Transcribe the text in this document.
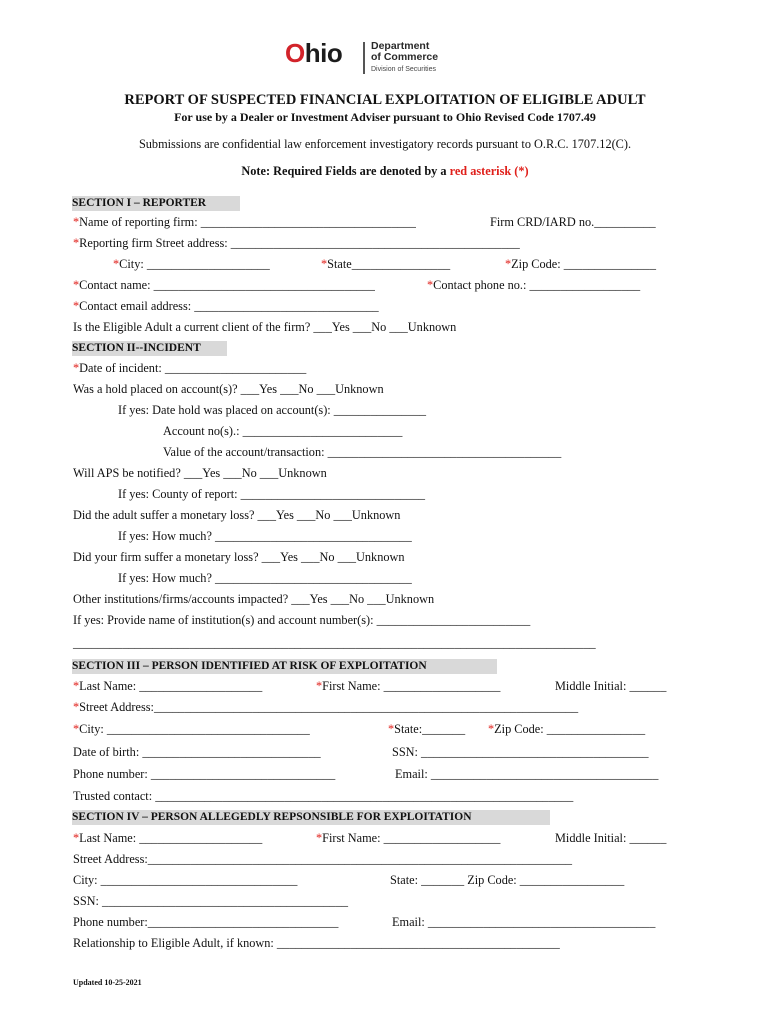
Ohio	Department
of Commerce
Division of Securities
REPORT OF SUSPECTED FINANCIAL EXPLOITATION OF ELIGIBLE ADULT
For use by a Dealer or Investment Adviser pursuant to Ohio Revised Code 1707.49
Submissions are confidential law enforcement investigatory records pursuant to O.R.C. 1707.12(C).
Note: Required Fields are denoted by a red asterisk (*)
SECTION I – REPORTER
*Name of reporting firm: ___________________________________	Firm CRD/IARD no.__________
*Reporting firm Street address: _______________________________________________
*City: ____________________	*State________________	*Zip Code: _______________
*Contact name: ____________________________________	*Contact phone no.: __________________
*Contact email address: ______________________________
Is the Eligible Adult a current client of the firm? ___Yes ___No ___Unknown
SECTION II--INCIDENT
*Date of incident: _______________________
Was a hold placed on account(s)? ___Yes ___No ___Unknown
If yes: Date hold was placed on account(s): _______________
Account no(s).: __________________________
Value of the account/transaction: ______________________________________
Will APS be notified? ___Yes ___No ___Unknown
If yes: County of report: ______________________________
Did the adult suffer a monetary loss? ___Yes ___No ___Unknown
If yes: How much? ________________________________
Did your firm suffer a monetary loss? ___Yes ___No ___Unknown
If yes: How much? ________________________________
Other institutions/firms/accounts impacted? ___Yes ___No ___Unknown
If yes: Provide name of institution(s) and account number(s): _________________________
_____________________________________________________________________________________
SECTION III – PERSON IDENTIFIED AT RISK OF EXPLOITATION
*Last Name: ____________________	*First Name: ___________________	Middle Initial: ______
*Street Address:_____________________________________________________________________
*City: _________________________________	*State:_______ *Zip Code: ________________
Date of birth: _____________________________	SSN: _____________________________________
Phone number: ______________________________	Email: _____________________________________
Trusted contact: ____________________________________________________________________
SECTION IV – PERSON ALLEGEDLY REPSONSIBLE FOR EXPLOITATION
*Last Name: ____________________	*First Name: ___________________	Middle Initial: ______
Street Address:_____________________________________________________________________
City: ________________________________	State: _______ Zip Code: _________________
SSN: ________________________________________
Phone number:_______________________________	Email: _____________________________________
Relationship to Eligible Adult, if known: ______________________________________________
Updated 10-25-2021
